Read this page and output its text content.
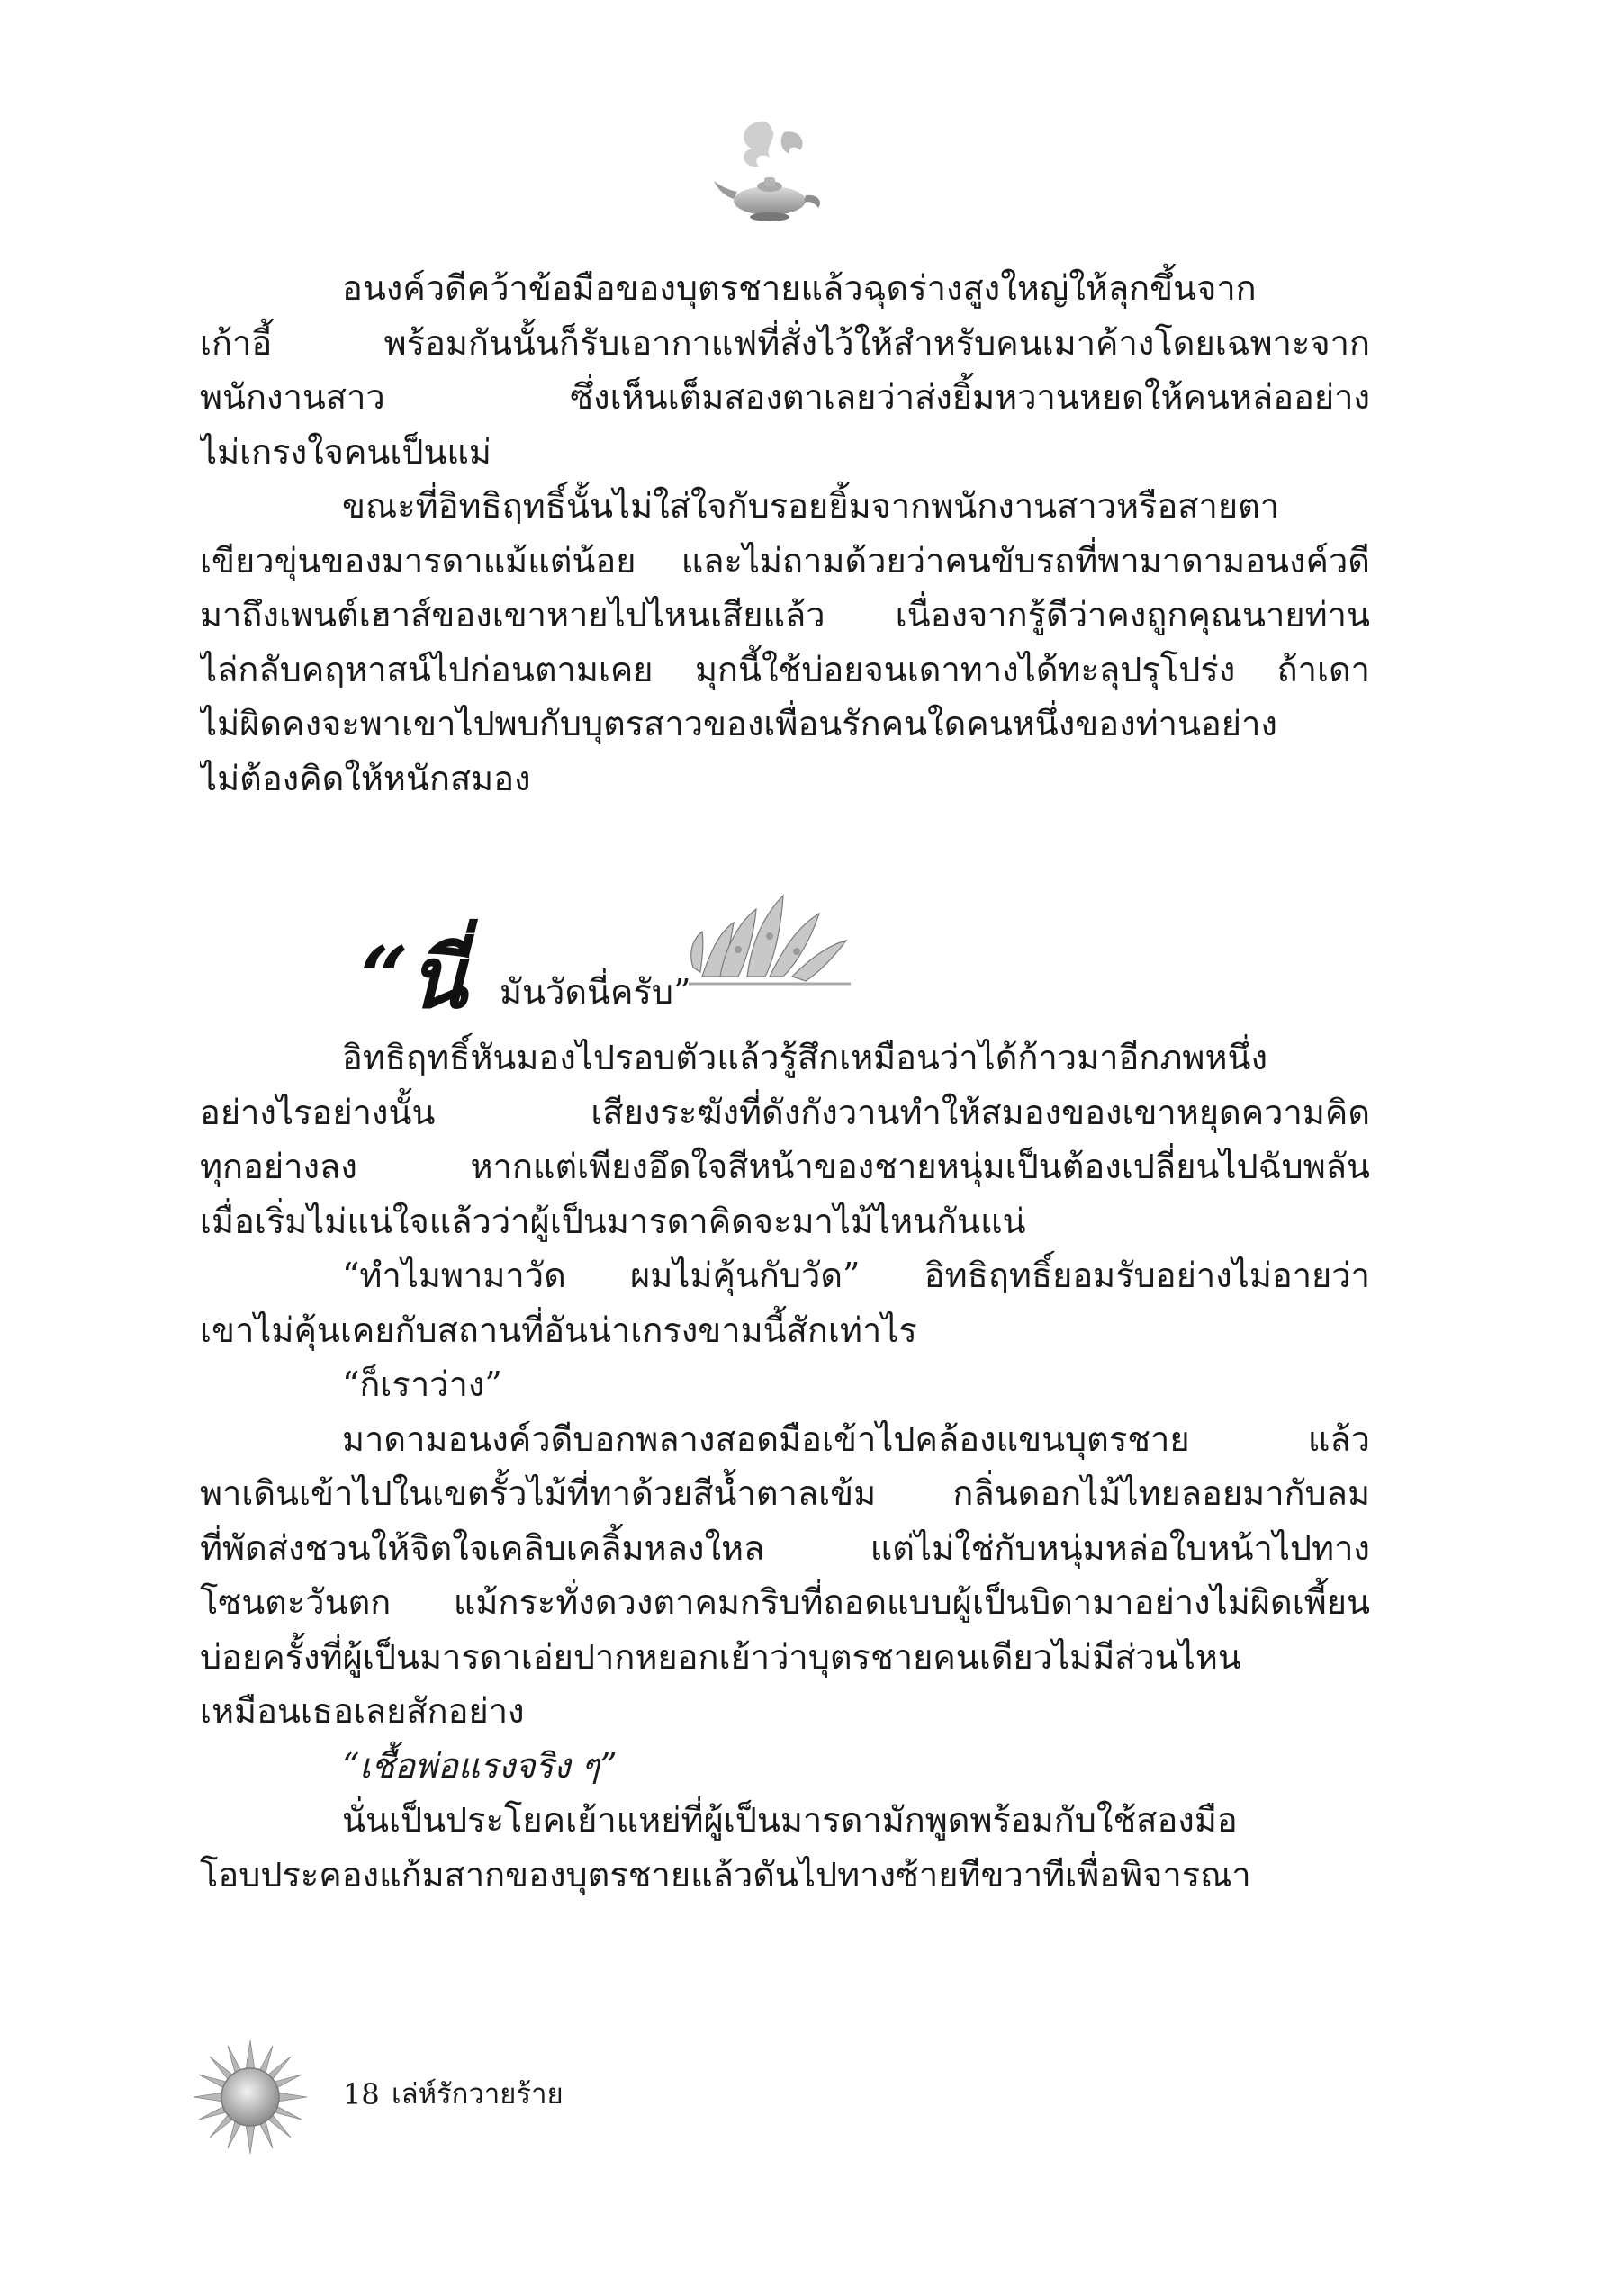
อนงค์วดีคว้าข้อมือของบุตรชายแล้วฉุดร่างสูงใหญ่ให้ลุกขึ้นจาก
เก้าอี้ พร้อมกันนั้นก็รับเอากาแฟที่สั่งไว้ให้สำหรับคนเมาค้างโดยเฉพาะจาก
พนักงานสาว ซึ่งเห็นเต็มสองตาเลยว่าส่งยิ้มหวานหยดให้คนหล่ออย่าง
ไม่เกรงใจคนเป็นแม่
ขณะที่อิทธิฤทธิ์นั้นไม่ใส่ใจกับรอยยิ้มจากพนักงานสาวหรือสายตา
เขียวขุ่นของมารดาแม้แต่น้อย และไม่ถามด้วยว่าคนขับรถที่พามาดามอนงค์วดี
มาถึงเพนต์เฮาส์ของเขาหายไปไหนเสียแล้ว เนื่องจากรู้ดีว่าคงถูกคุณนายท่าน
ไล่กลับคฤหาสน์ไปก่อนตามเคย มุกนี้ใช้บ่อยจนเดาทางได้ทะลุปรุโปร่ง ถ้าเดา
ไม่ผิดคงจะพาเขาไปพบกับบุตรสาวของเพื่อนรักคนใดคนหนึ่งของท่านอย่าง
ไม่ต้องคิดให้หนักสมอง
“นี่ มันวัดนี่ครับ”
อิทธิฤทธิ์หันมองไปรอบตัวแล้วรู้สึกเหมือนว่าได้ก้าวมาอีกภพหนึ่ง
อย่างไรอย่างนั้น เสียงระฆังที่ดังกังวานทำให้สมองของเขาหยุดความคิด
ทุกอย่างลง หากแต่เพียงอึดใจสีหน้าของชายหนุ่มเป็นต้องเปลี่ยนไปฉับพลัน
เมื่อเริ่มไม่แน่ใจแล้วว่าผู้เป็นมารดาคิดจะมาไม้ไหนกันแน่
“ทำไมพามาวัด ผมไม่คุ้นกับวัด” อิทธิฤทธิ์ยอมรับอย่างไม่อายว่า
เขาไม่คุ้นเคยกับสถานที่อันน่าเกรงขามนี้สักเท่าไร
“ก็เราว่าง”
มาดามอนงค์วดีบอกพลางสอดมือเข้าไปคล้องแขนบุตรชาย แล้ว
พาเดินเข้าไปในเขตรั้วไม้ที่ทาด้วยสีน้ำตาลเข้ม กลิ่นดอกไม้ไทยลอยมากับลม
ที่พัดส่งชวนให้จิตใจเคลิบเคลิ้มหลงใหล แต่ไม่ใช่กับหนุ่มหล่อใบหน้าไปทาง
โซนตะวันตก แม้กระทั่งดวงตาคมกริบที่ถอดแบบผู้เป็นบิดามาอย่างไม่ผิดเพี้ยน
บ่อยครั้งที่ผู้เป็นมารดาเอ่ยปากหยอกเย้าว่าบุตรชายคนเดียวไม่มีส่วนไหน
เหมือนเธอเลยสักอย่าง
“เชื้อพ่อแรงจริง ๆ”
นั่นเป็นประโยคเย้าแหย่ที่ผู้เป็นมารดามักพูดพร้อมกับใช้สองมือ
โอบประคองแก้มสากของบุตรชายแล้วดันไปทางซ้ายทีขวาทีเพื่อพิจารณา
18 เล่ห์รักวายร้าย
